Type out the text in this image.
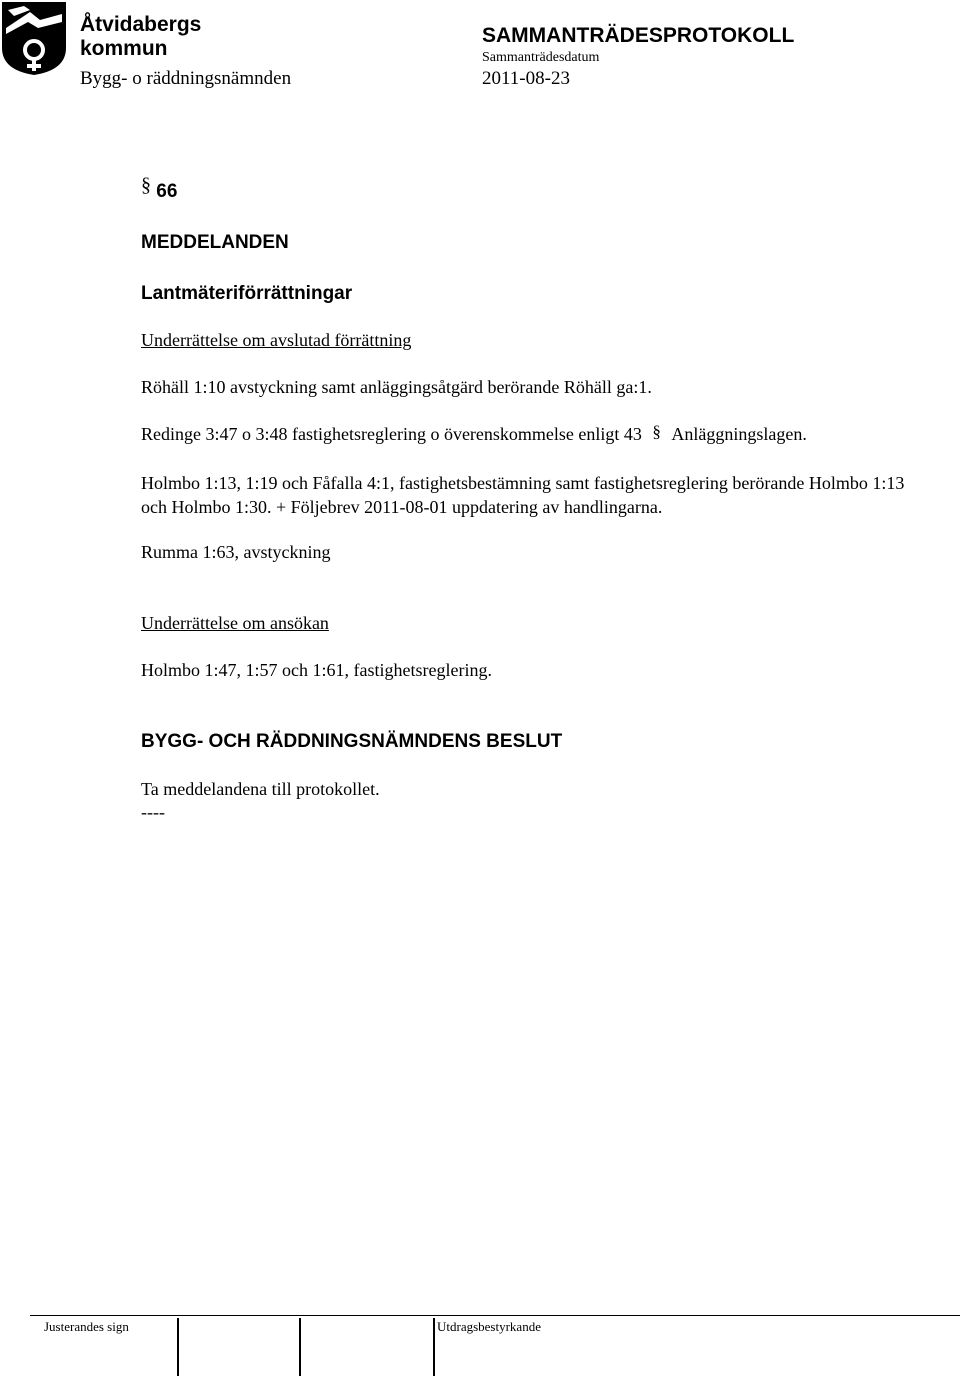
Åtvidabergs
kommun
SAMMANTRÄDESPROTOKOLL
Sammanträdesdatum
Bygg- o räddningsnämnden	2011-08-23
§ 66
MEDDELANDEN
Lantmäteriförrättningar
Underrättelse om avslutad förrättning
Röhäll 1:10 avstyckning samt anläggingsåtgärd berörande Röhäll ga:1.
Redinge 3:47 o 3:48 fastighetsreglering o överenskommelse enligt 43 § Anläggningslagen.
Holmbo 1:13, 1:19 och Fåfalla 4:1, fastighetsbestämning samt fastighetsreglering berörande Holmbo 1:13 och Holmbo 1:30. + Följebrev 2011-08-01 uppdatering av handlingarna.
Rumma 1:63, avstyckning
Underrättelse om ansökan
Holmbo 1:47, 1:57 och 1:61, fastighetsreglering.
BYGG- OCH RÄDDNINGSNÄMNDENS BESLUT
Ta meddelandena till protokollet.
----
Justerandes sign	Utdragsbestyrkande
